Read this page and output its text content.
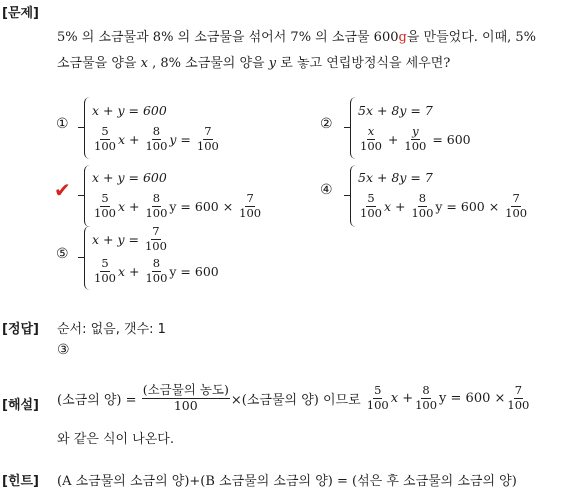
[문제]
[정답]
[해설]
[힌트]
5% 의 소금물과 8% 의 소금물을 섞어서 7% 의 소금물 600g을 만들었다. 이때, 5%
소금물을 양을 x , 8% 소금물의 양을 y 로 놓고 연립방정식을 세우면?
①
x + y = 600
$\frac{5}{100}$ $x + \frac{8}{100}$ $y = \frac{7}{100}$
②
5x + 8y = 7
$\frac{x}{100} + \frac{y}{100}$
= 600
✔
x + y = 600
$\frac{5}{100}$ $x + \frac{8}{100}$ y = 600 ×
$\frac{7}{100}$
④
5x + 8y = 7
$\frac{5}{100}$ $x + \frac{8}{100}$ y = 600 ×
$\frac{7}{100}$
⑤
x + y =
$\frac{7}{100}$
$\frac{5}{100}$ $x + \frac{8}{100}$ y = 600
순서: 없음, 갯수: 1
③
(소금의 양) =
$\frac{\text{(소금물의 농도)}}{100}$ ×(소금물의 양) 이므로
$\frac{5}{100}$ $x + \frac{8}{100}$ $y = 600 \times \frac{7}{100}$
와 같은 식이 나온다.
(A 소금물의 소금의 양)+(B 소금물의 소금의 양) = (섞은 후 소금물의 소금의 양)
